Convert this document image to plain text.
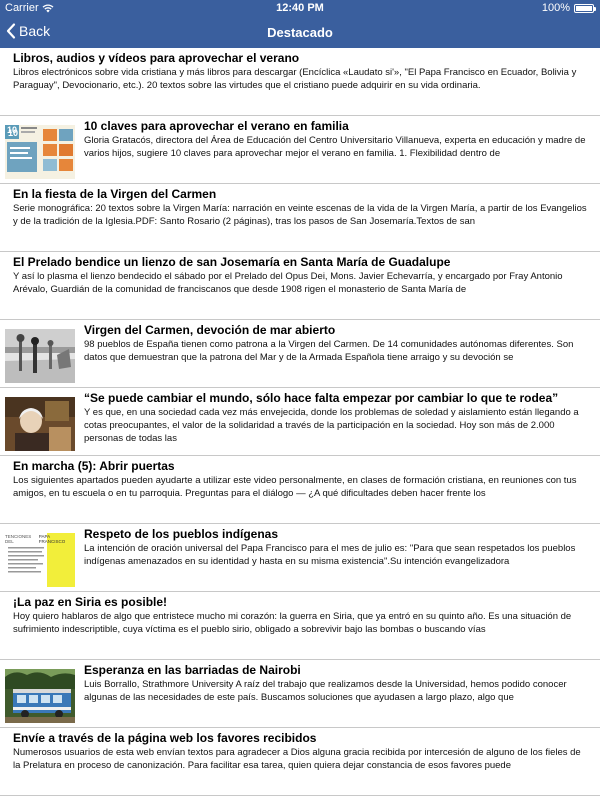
Carrier	12:40 PM	100%
Back	Destacado
Libros, audios y vídeos para aprovechar el verano
Libros electrónicos sobre vida cristiana y más libros para descargar (Encíclica «Laudato si'», "El Papa Francisco en Ecuador, Bolivia y Paraguay", Devocionario, etc.). 20 textos sobre las virtudes que el cristiano puede adquirir en su vida ordinaria.
10	10 claves para aprovechar el verano en familia
Gloria Gratacós, directora del Área de Educación del Centro Universitario Villanueva, experta en educación y madre de varios hijos, sugiere 10 claves para aprovechar mejor el verano en familia. 1. Flexibilidad dentro de
En la fiesta de la Virgen del Carmen
Serie monográfica: 20 textos sobre la Virgen María: narración en veinte escenas de la vida de la Virgen María, a partir de los Evangelios y de la tradición de la Iglesia.PDF: Santo Rosario (2 páginas), tras los pasos de San Josemaría.Textos de san
El Prelado bendice un lienzo de san Josemaría en Santa María de Guadalupe
Y así lo plasma el lienzo bendecido el sábado por el Prelado del Opus Dei, Mons. Javier Echevarría, y encargado por Fray Antonio Arévalo, Guardián de la comunidad de franciscanos que desde 1908 rigen el monasterio de Santa María de
Virgen del Carmen, devoción de mar abierto
98 pueblos de España tienen como patrona a la Virgen del Carmen. De 14 comunidades autónomas diferentes. Son datos que demuestran que la patrona del Mar y de la Armada Española tiene arraigo y su devoción se
“Se puede cambiar el mundo, sólo hace falta empezar por cambiar lo que te rodea”
Y es que, en una sociedad cada vez más envejecida, donde los problemas de soledad y aislamiento están llegando a cotas preocupantes, el valor de la solidaridad a través de la participación en la sociedad. Hoy son más de 2.000 personas de todas las
En marcha (5): Abrir puertas
Los siguientes apartados pueden ayudarte a utilizar este video personalmente, en clases de formación cristiana, en reuniones con tus amigos, en tu escuela o en tu parroquia. Preguntas para el diálogo — ¿A qué dificultades deben hacer frente los
TENCIONES DEL
PAPA FRANCISCO
Respeto de los pueblos indígenas
La intención de oración universal del Papa Francisco para el mes de julio es: "Para que sean respetados los pueblos indígenas amenazados en su identidad y hasta en su misma existencia".Su intención evangelizadora
¡La paz en Siria es posible!
Hoy quiero hablaros de algo que entristece mucho mi corazón: la guerra en Siria, que ya entró en su quinto año. Es una situación de sufrimiento indescriptible, cuya víctima es el pueblo sirio, obligado a sobrevivir bajo las bombas o buscando vías
Esperanza en las barriadas de Nairobi
Luis Borrallo, Strathmore University A raíz del trabajo que realizamos desde la Universidad, hemos podido conocer algunas de las necesidades de este país. Buscamos soluciones que ayudasen a largo plazo, algo que
Envíe a través de la página web los favores recibidos
Numerosos usuarios de esta web envían textos para agradecer a Dios alguna gracia recibida por intercesión de alguno de los fieles de la Prelatura en proceso de canonización. Para facilitar esa tarea, quien quiera dejar constancia de esos favores puede
